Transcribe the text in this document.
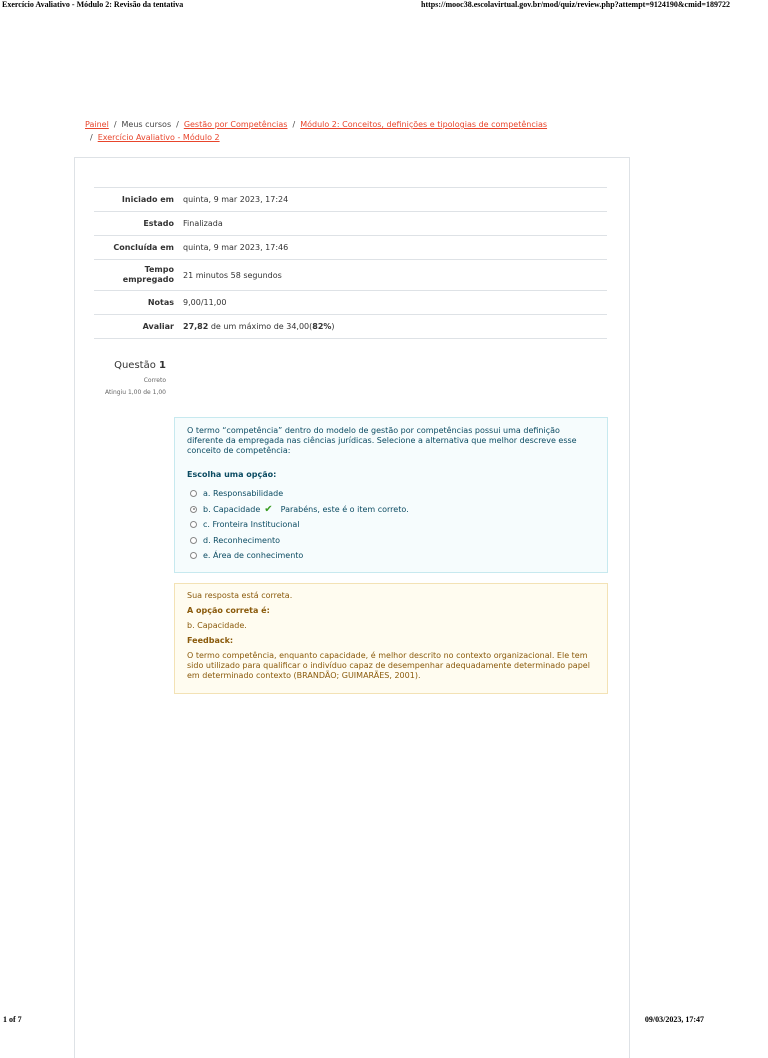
Exercício Avaliativo - Módulo 2: Revisão da tentativa	https://mooc38.escolavirtual.gov.br/mod/quiz/review.php?attempt=9124190&cmid=189722
Painel / Meus cursos / Gestão por Competências / Módulo 2: Conceitos, definições e tipologias de competências
/ Exercício Avaliativo - Módulo 2
Iniciado em	quinta, 9 mar 2023, 17:24
Estado	Finalizada
Concluída em	quinta, 9 mar 2023, 17:46
Tempo empregado	21 minutos 58 segundos
Notas	9,00/11,00
Avaliar	27,82 de um máximo de 34,00(82%)
Questão 1
Correto
Atingiu 1,00 de 1,00
O termo “competência” dentro do modelo de gestão por competências possui uma definição diferente da empregada nas ciências jurídicas. Selecione a alternativa que melhor descreve esse conceito de competência:
Escolha uma opção:
a. Responsabilidade
b. Capacidade ✔ Parabéns, este é o item correto.
c. Fronteira Institucional
d. Reconhecimento
e. Área de conhecimento

Sua resposta está correta.

A opção correta é:

b. Capacidade.

Feedback:

O termo competência, enquanto capacidade, é melhor descrito no contexto organizacional. Ele tem sido utilizado para qualificar o indivíduo capaz de desempenhar adequadamente determinado papel em determinado contexto (BRANDÃO; GUIMARÃES, 2001).

1 of 7	09/03/2023, 17:47
